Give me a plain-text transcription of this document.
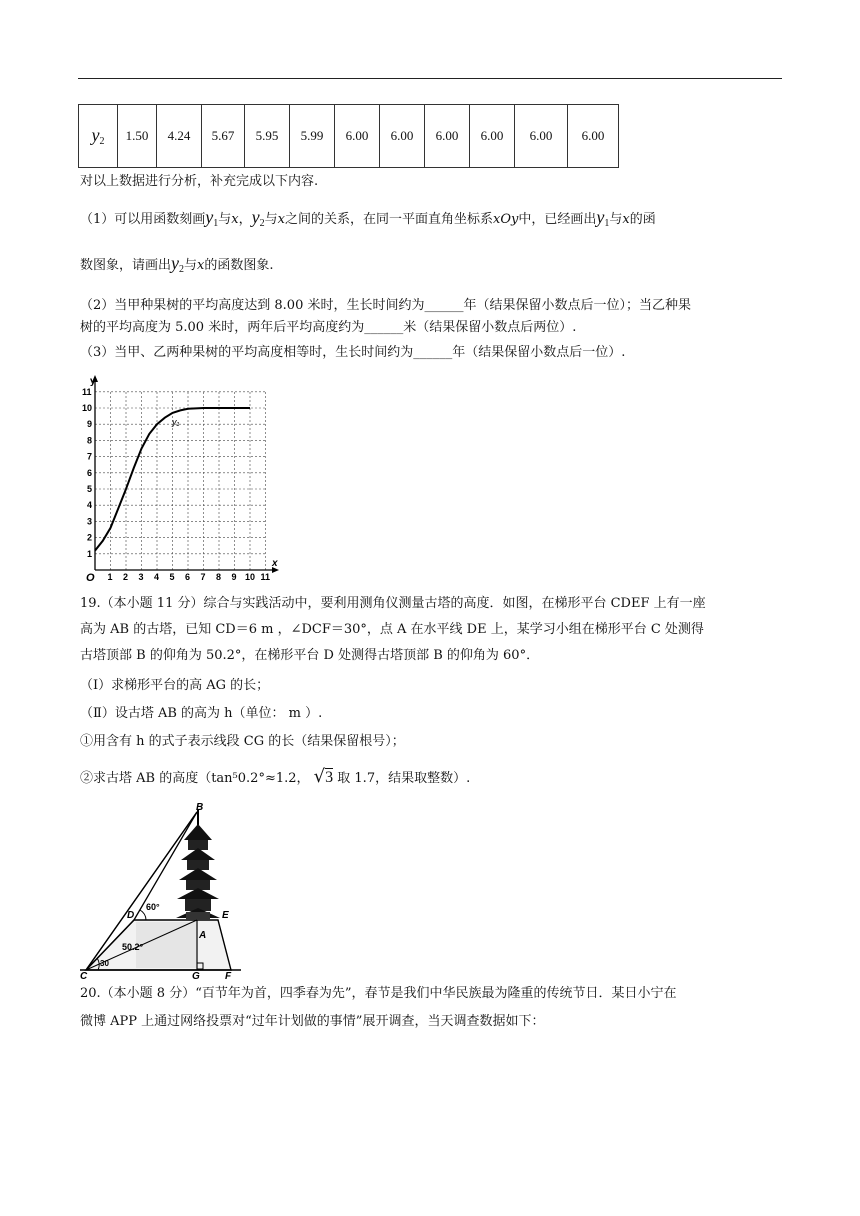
$y_2$	1.50	4.24	5.67	5.95	5.99	6.00	6.00	6.00	6.00	6.00	6.00
对以上数据进行分析，补充完成以下内容.
（1）可以用函数刻画$y_1$与x，$y_2$与x之间的关系，在同一平面直角坐标系xOy中，已经画出$y_1$与x的函
数图象，请画出$y_2$与x的函数图象.
（2）当甲种果树的平均高度达到 8.00 米时，生长时间约为______年（结果保留小数点后一位）；当乙种果
树的平均高度为 5.00 米时，两年后平均高度约为______米（结果保留小数点后两位）.
（3）当甲、乙两种果树的平均高度相等时，生长时间约为______年（结果保留小数点后一位）.
y
x
O 1 2 3 4 5 6 7 8 9 10 11
1
2
3
4
5
6
7
8
9
10
11
y₁
19.（本小题 11 分）综合与实践活动中，要利用测角仪测量古塔的高度．如图，在梯形平台 CDEF 上有一座
高为 AB 的古塔，已知 CD＝6 m ，∠DCF＝30°，点 A 在水平线 DE 上，某学习小组在梯形平台 C 处测得
古塔顶部 B 的仰角为 50.2°，在梯形平台 D 处测得古塔顶部 B 的仰角为 60°．
（Ⅰ）求梯形平台的高 AG 的长；
（Ⅱ）设古塔 AB 的高为 h（单位： m ）.
①用含有 h 的式子表示线段 CG 的长（结果保留根号）；
②求古塔 AB 的高度（tan⁵0.2°≈1.2， √3 取 1.7，结果取整数）.
B
D	E
A
C	G	F
60°
50.2°
30
20.（本小题 8 分）“百节年为首，四季春为先”，春节是我们中华民族最为隆重的传统节日．某日小宁在
微博 APP 上通过网络投票对“过年计划做的事情”展开调查，当天调查数据如下：
